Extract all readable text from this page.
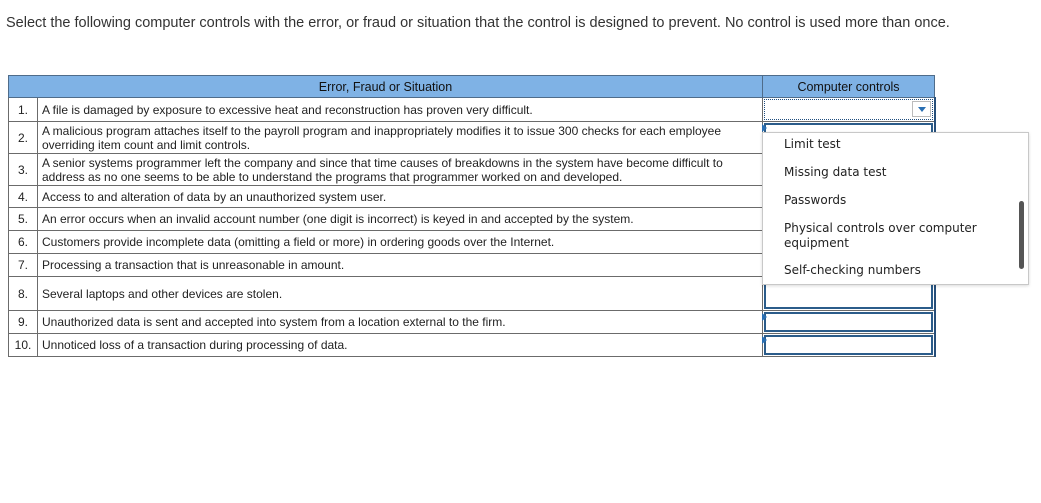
Select the following computer controls with the error, or fraud or situation that the control is designed to prevent. No control is used more than once.
Error, Fraud or Situation		Computer controls
1.	A file is damaged by exposure to excessive heat and reconstruction has proven very difficult.	

2.	A malicious program attaches itself to the payroll program and inappropriately modifies it to issue 300 checks for each employee overriding item count and limit controls.	

3.	A senior systems programmer left the company and since that time causes of breakdowns in the system have become difficult to address as no one seems to be able to understand the programs that programmer worked on and developed.	

4.	Access to and alteration of data by an unauthorized system user.	

5.	An error occurs when an invalid account number (one digit is incorrect) is keyed in and accepted by the system.	

6.	Customers provide incomplete data (omitting a field or more) in ordering goods over the Internet.	

7.	Processing a transaction that is unreasonable in amount.	

8.	Several laptops and other devices are stolen.	

9.	Unauthorized data is sent and accepted into system from a location external to the firm.	

10.	Unnoticed loss of a transaction during processing of data.	
Limit test
Missing data test
Passwords
Physical controls over computer equipment
Self-checking numbers
